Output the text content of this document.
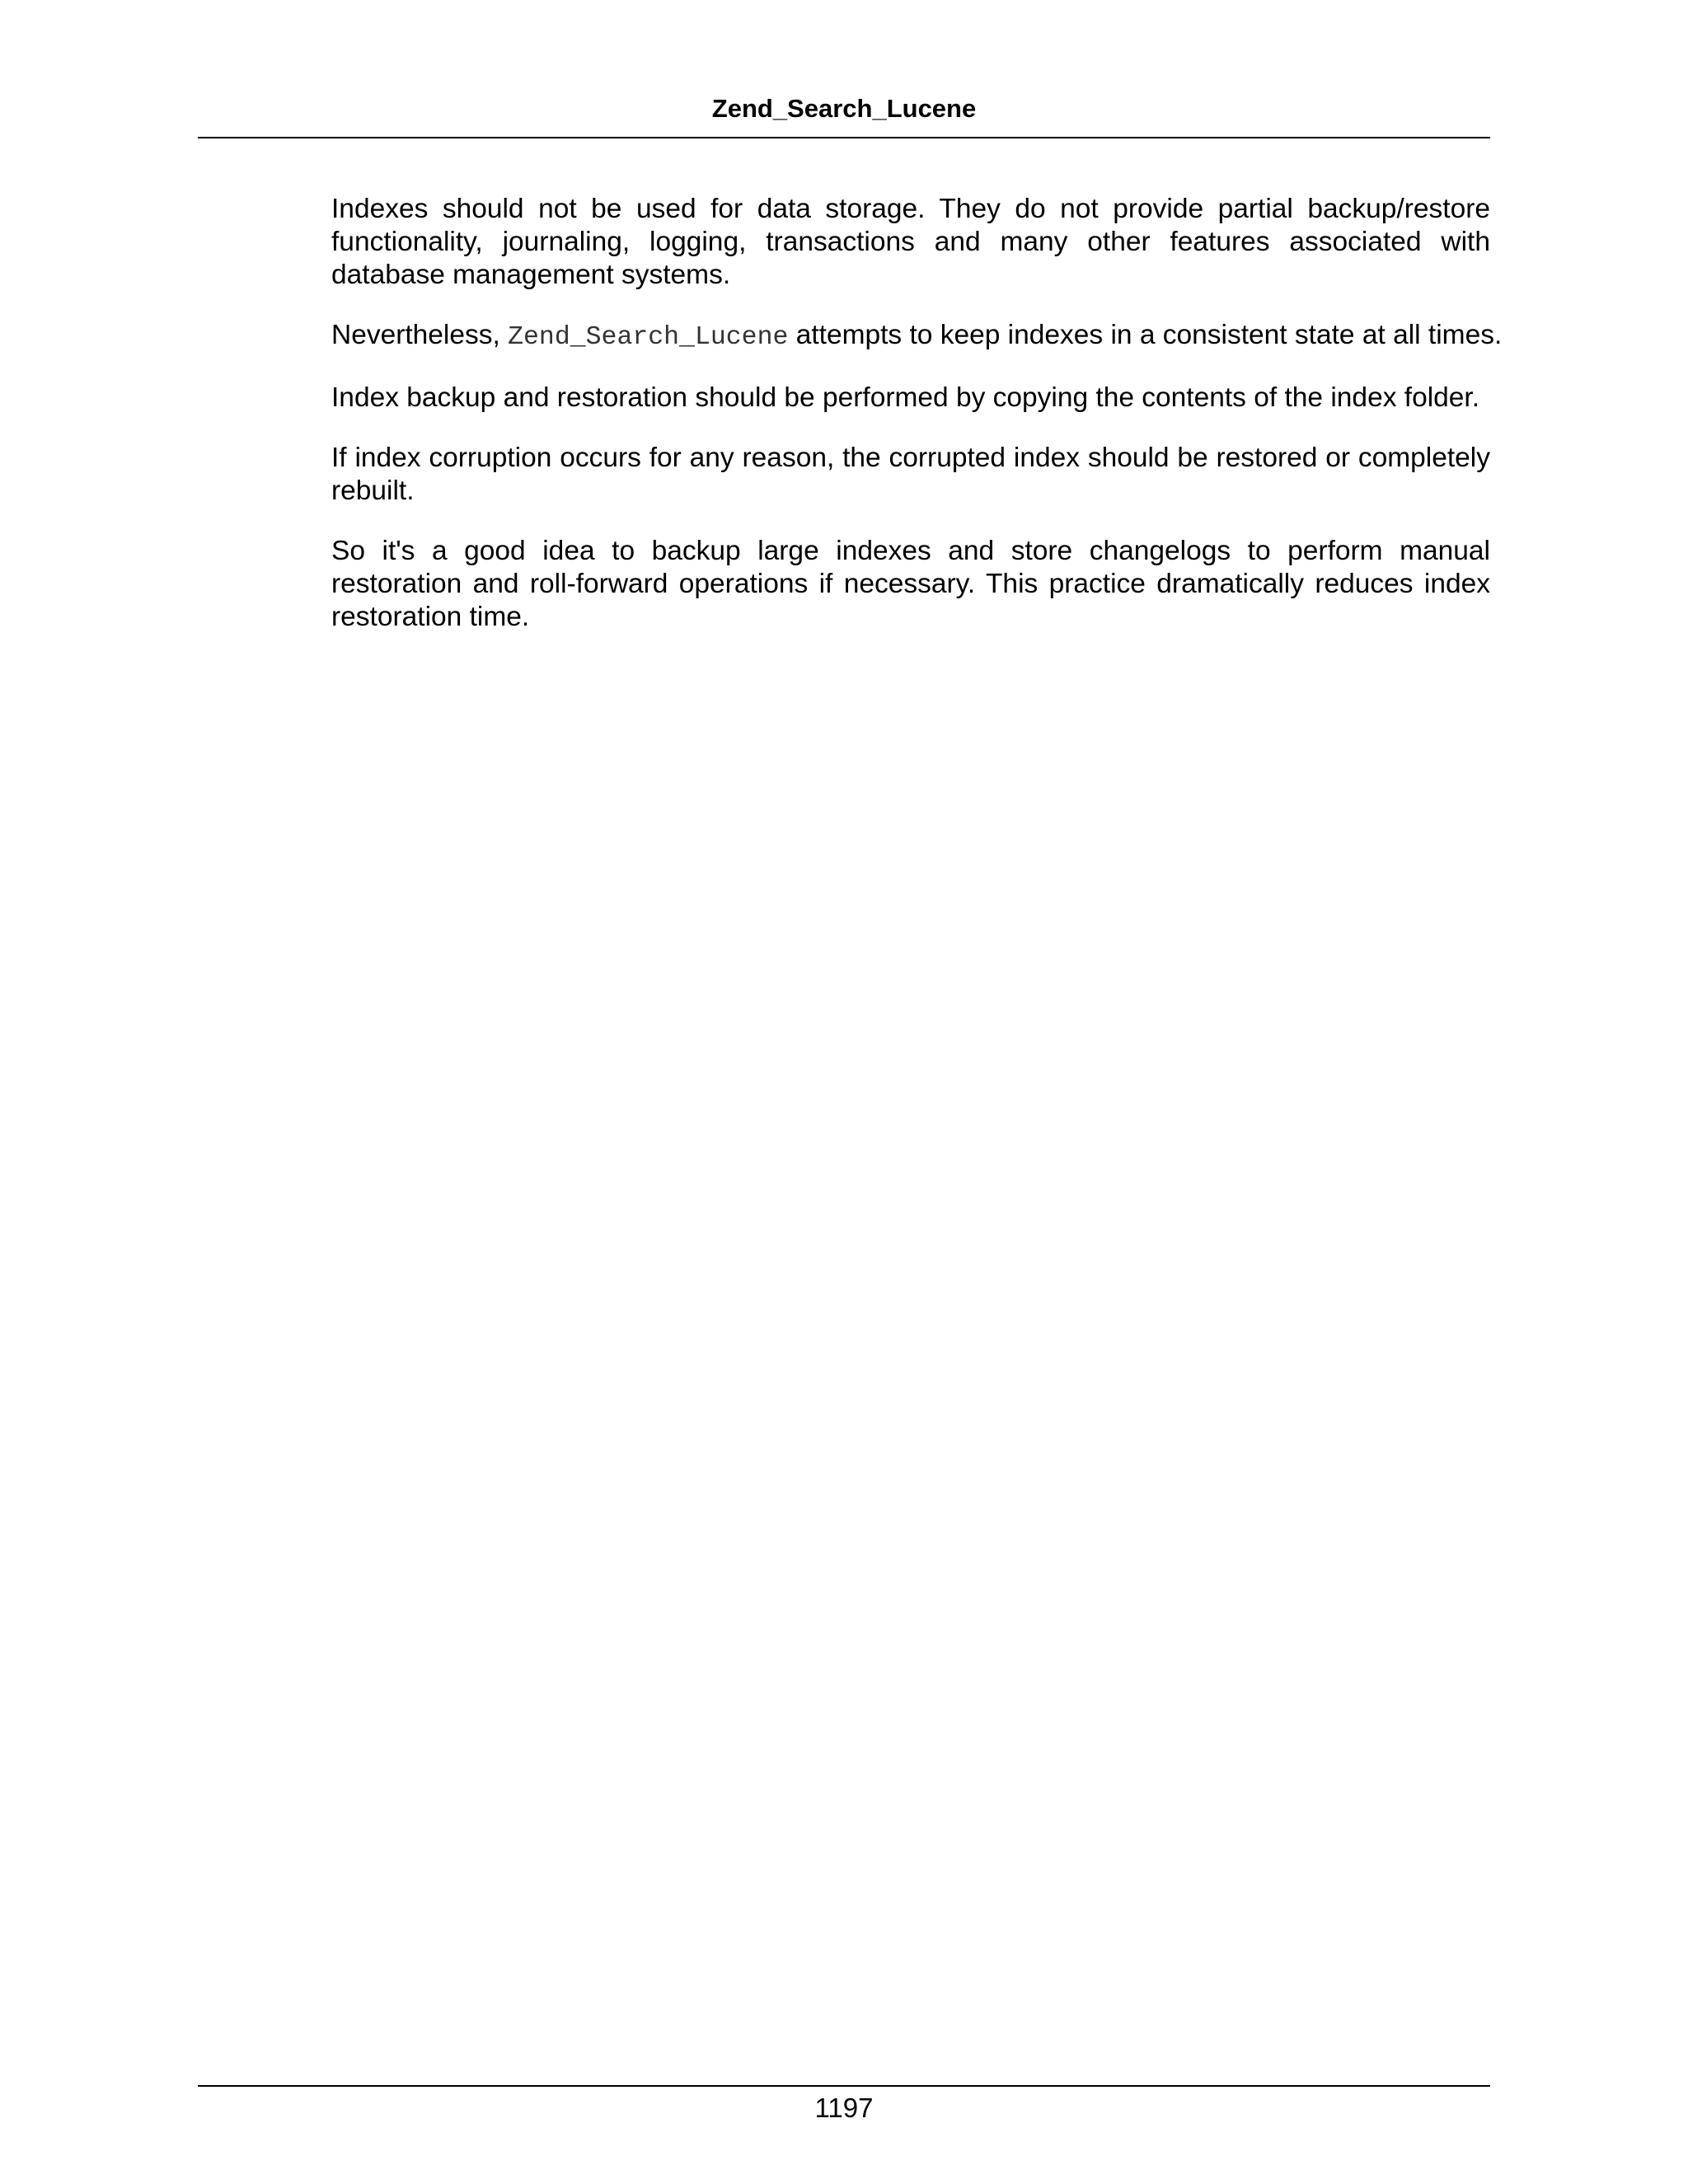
Zend_Search_Lucene

Indexes should not be used for data storage. They do not provide partial backup/restore functionality, journaling, logging, transactions and many other features associated with database management systems.

Nevertheless, Zend_Search_Lucene attempts to keep indexes in a consistent state at all times.

Index backup and restoration should be performed by copying the contents of the index folder.

If index corruption occurs for any reason, the corrupted index should be restored or completely rebuilt.

So it's a good idea to backup large indexes and store changelogs to perform manual restoration and roll-forward operations if necessary. This practice dramatically reduces index restoration time.

1197
